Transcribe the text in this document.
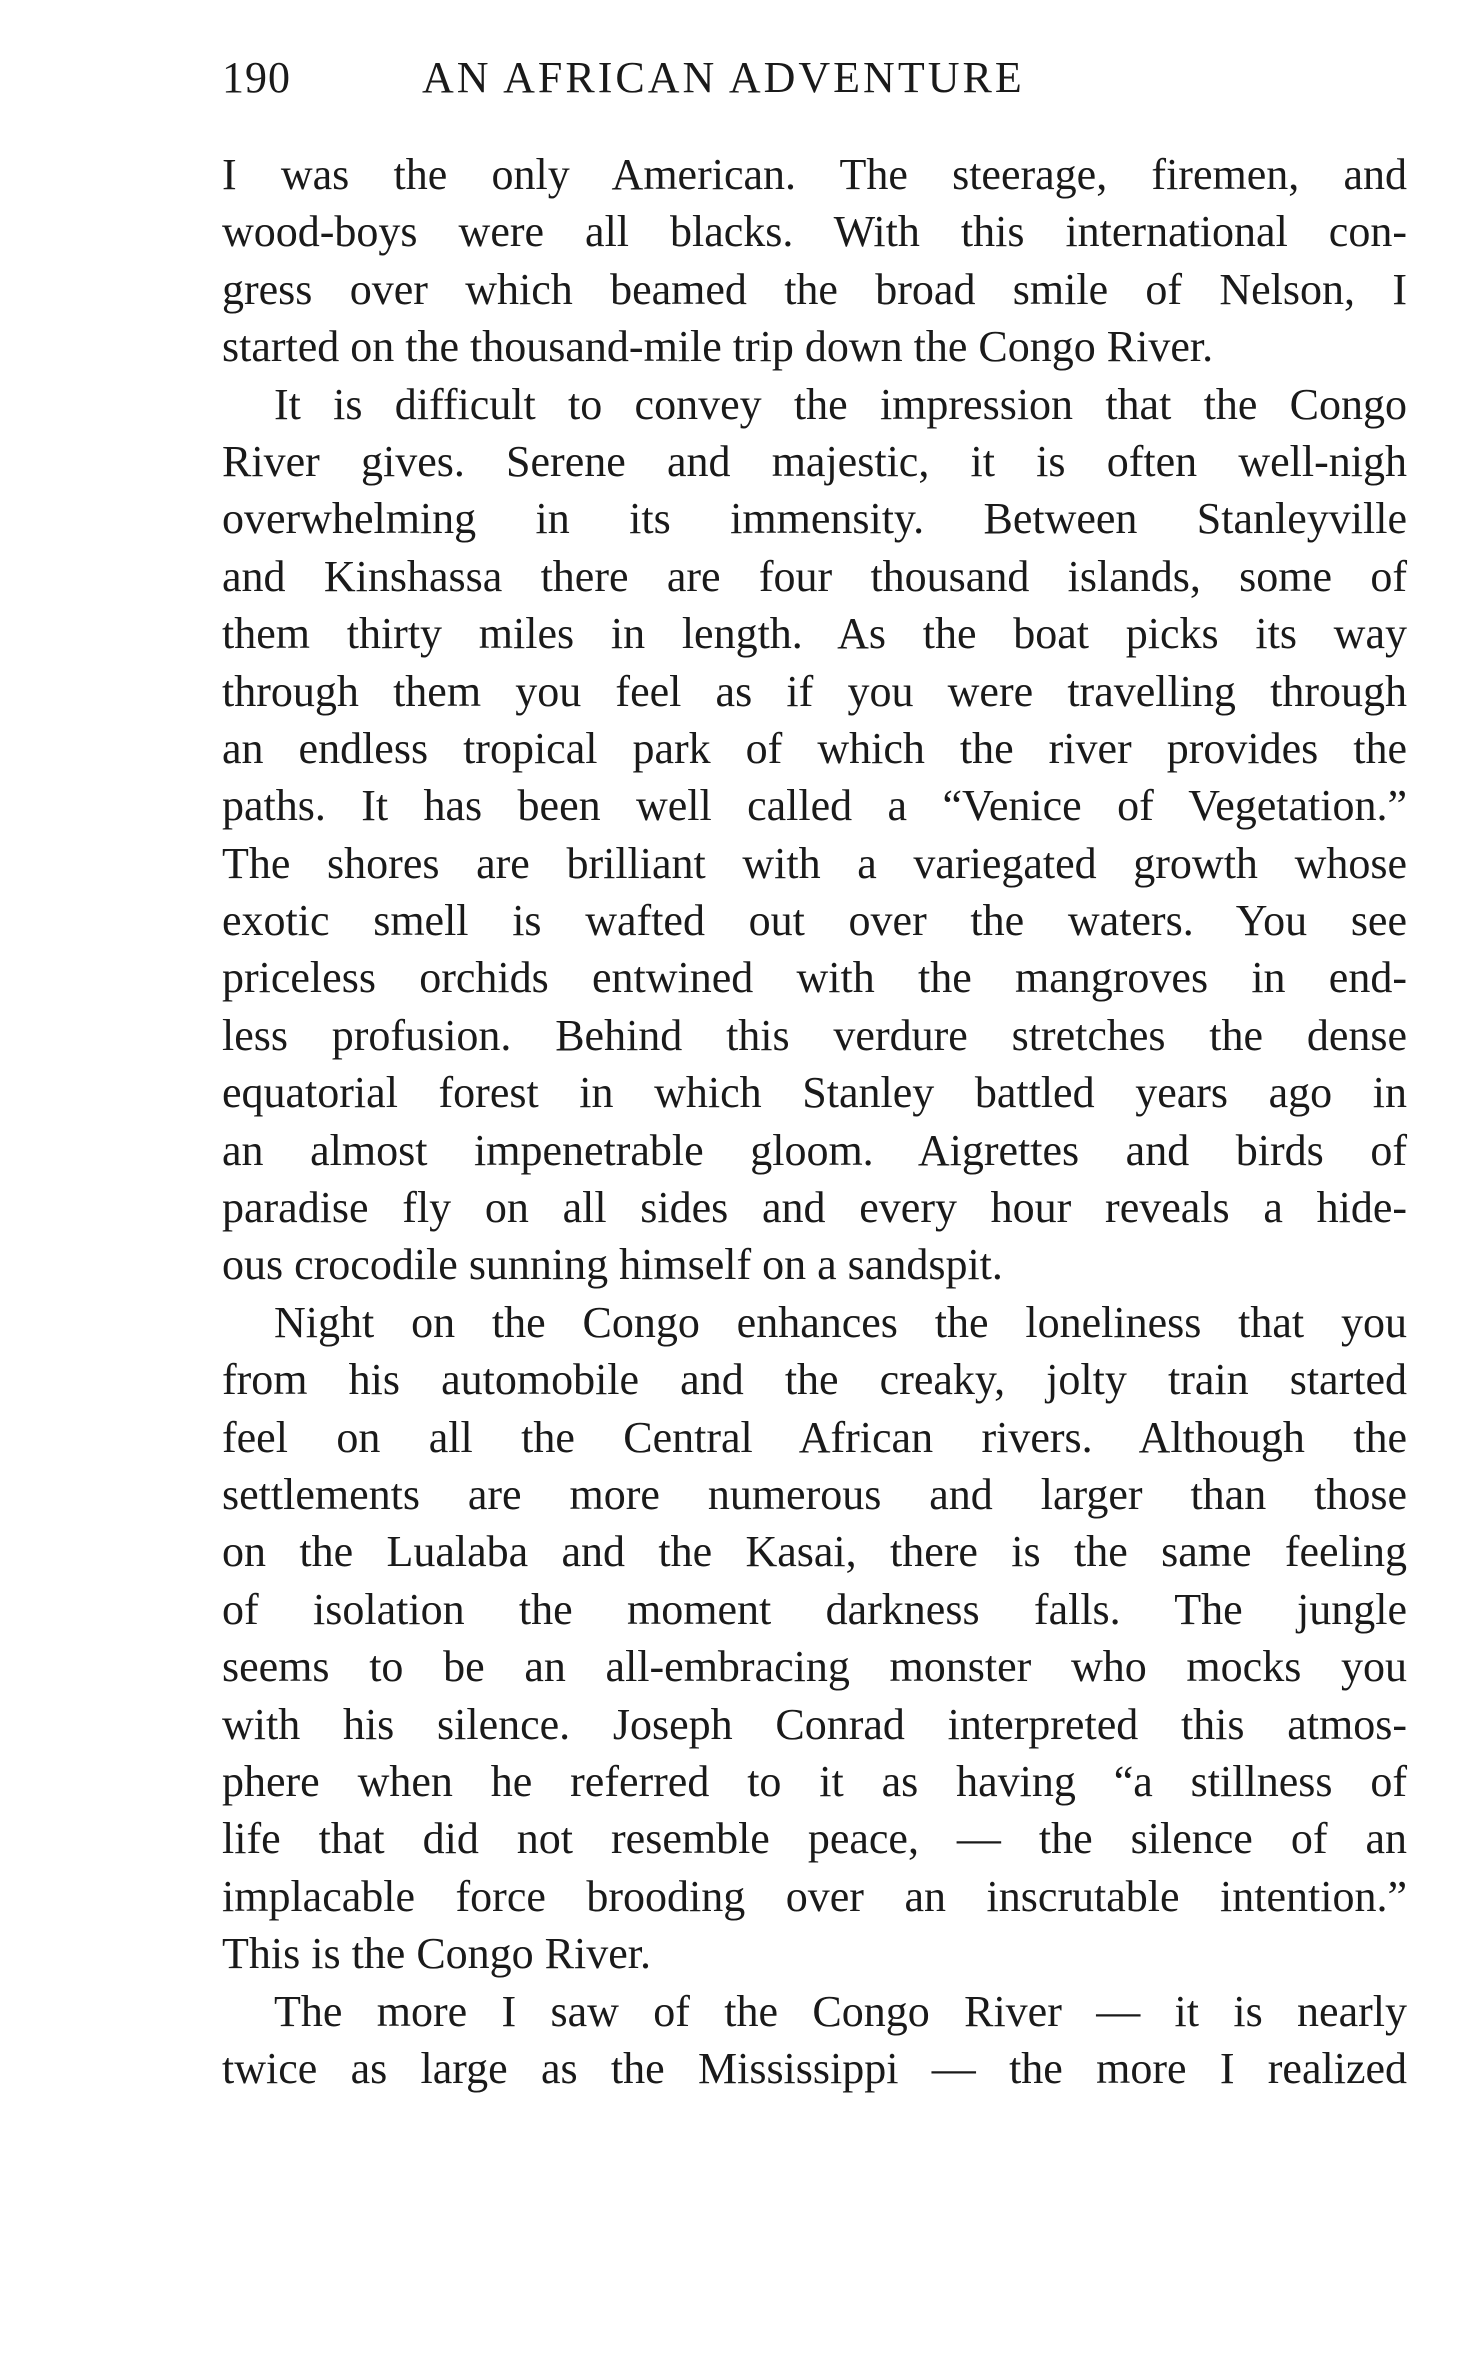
190	AN AFRICAN ADVENTURE
I was the only American. The steerage, firemen, and
wood-boys were all blacks. With this international con-
gress over which beamed the broad smile of Nelson, I
started on the thousand-mile trip down the Congo River.
It is difficult to convey the impression that the Congo
River gives. Serene and majestic, it is often well-nigh
overwhelming in its immensity. Between Stanleyville
and Kinshassa there are four thousand islands, some of
them thirty miles in length. As the boat picks its way
through them you feel as if you were travelling through
an endless tropical park of which the river provides the
paths. It has been well called a “Venice of Vegetation.”
The shores are brilliant with a variegated growth whose
exotic smell is wafted out over the waters. You see
priceless orchids entwined with the mangroves in end-
less profusion. Behind this verdure stretches the dense
equatorial forest in which Stanley battled years ago in
an almost impenetrable gloom. Aigrettes and birds of
paradise fly on all sides and every hour reveals a hide-
ous crocodile sunning himself on a sandspit.
Night on the Congo enhances the loneliness that you
from his automobile and the creaky, jolty train started
feel on all the Central African rivers. Although the
settlements are more numerous and larger than those
on the Lualaba and the Kasai, there is the same feeling
of isolation the moment darkness falls. The jungle
seems to be an all-embracing monster who mocks you
with his silence. Joseph Conrad interpreted this atmos-
phere when he referred to it as having “a stillness of
life that did not resemble peace, — the silence of an
implacable force brooding over an inscrutable intention.”
This is the Congo River.
The more I saw of the Congo River — it is nearly
twice as large as the Mississippi — the more I realized
